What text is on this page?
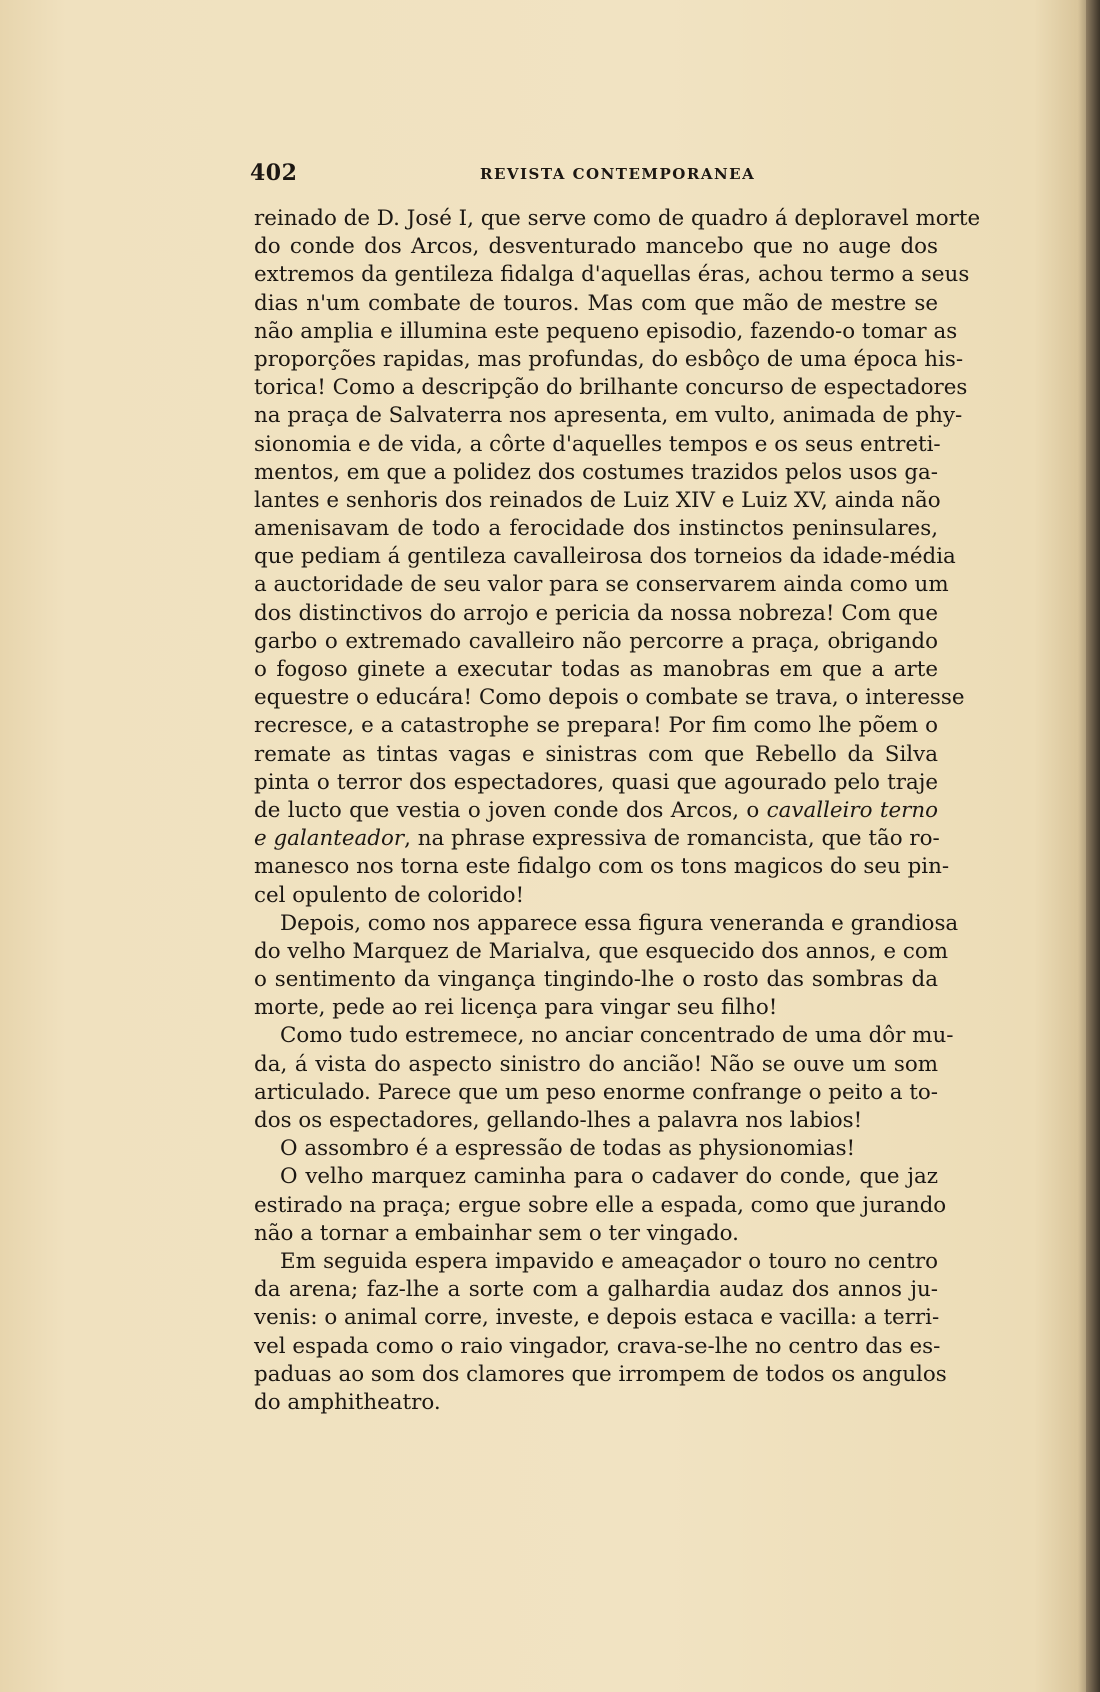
402	REVISTA CONTEMPORANEA
reinado de D. José I, que serve como de quadro á deploravel morte
do conde dos Arcos, desventurado mancebo que no auge dos
extremos da gentileza fidalga d'aquellas éras, achou termo a seus
dias n'um combate de touros. Mas com que mão de mestre se
não amplia e illumina este pequeno episodio, fazendo-o tomar as
proporções rapidas, mas profundas, do esbôço de uma época his-
torica! Como a descripção do brilhante concurso de espectadores
na praça de Salvaterra nos apresenta, em vulto, animada de phy-
sionomia e de vida, a côrte d'aquelles tempos e os seus entreti-
mentos, em que a polidez dos costumes trazidos pelos usos ga-
lantes e senhoris dos reinados de Luiz XIV e Luiz XV, ainda não
amenisavam de todo a ferocidade dos instinctos peninsulares,
que pediam á gentileza cavalleirosa dos torneios da idade-média
a auctoridade de seu valor para se conservarem ainda como um
dos distinctivos do arrojo e pericia da nossa nobreza! Com que
garbo o extremado cavalleiro não percorre a praça, obrigando
o fogoso ginete a executar todas as manobras em que a arte
equestre o educára! Como depois o combate se trava, o interesse
recresce, e a catastrophe se prepara! Por fim como lhe põem o
remate as tintas vagas e sinistras com que Rebello da Silva
pinta o terror dos espectadores, quasi que agourado pelo traje
de lucto que vestia o joven conde dos Arcos, o cavalleiro terno
e galanteador, na phrase expressiva de romancista, que tão ro-
manesco nos torna este fidalgo com os tons magicos do seu pin-
cel opulento de colorido!
Depois, como nos apparece essa figura veneranda e grandiosa
do velho Marquez de Marialva, que esquecido dos annos, e com
o sentimento da vingança tingindo-lhe o rosto das sombras da
morte, pede ao rei licença para vingar seu filho!
Como tudo estremece, no anciar concentrado de uma dôr mu-
da, á vista do aspecto sinistro do ancião! Não se ouve um som
articulado. Parece que um peso enorme confrange o peito a to-
dos os espectadores, gellando-lhes a palavra nos labios!
O assombro é a espressão de todas as physionomias!
O velho marquez caminha para o cadaver do conde, que jaz
estirado na praça; ergue sobre elle a espada, como que jurando
não a tornar a embainhar sem o ter vingado.
Em seguida espera impavido e ameaçador o touro no centro
da arena; faz-lhe a sorte com a galhardia audaz dos annos ju-
venis: o animal corre, investe, e depois estaca e vacilla: a terri-
vel espada como o raio vingador, crava-se-lhe no centro das es-
paduas ao som dos clamores que irrompem de todos os angulos
do amphitheatro.
